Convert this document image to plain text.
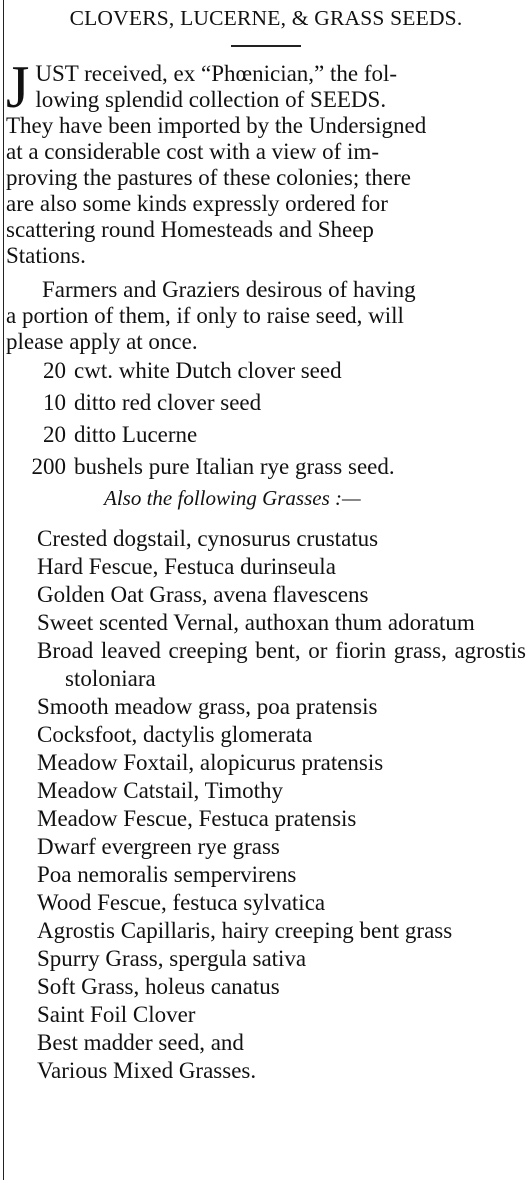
CLOVERS, LUCERNE, & GRASS SEEDS.

J UST received, ex “Phœnician,” the fol-
lowing splendid collection of SEEDS.
They have been imported by the Undersigned
at a considerable cost with a view of im-
proving the pastures of these colonies; there
are also some kinds expressly ordered for
scattering round Homesteads and Sheep
Stations.

Farmers and Graziers desirous of having
a portion of them, if only to raise seed, will
please apply at once.

20 cwt. white Dutch clover seed
10 ditto red clover seed
20 ditto Lucerne
200 bushels pure Italian rye grass seed.
Also the following Grasses :—
Crested dogstail, cynosurus crustatus
Hard Fescue, Festuca durinseula
Golden Oat Grass, avena flavescens
Sweet scented Vernal, authoxan thum adoratum
Broad leaved creeping bent, or fiorin grass, agrostis stoloniara
Smooth meadow grass, poa pratensis
Cocksfoot, dactylis glomerata
Meadow Foxtail, alopicurus pratensis
Meadow Catstail, Timothy
Meadow Fescue, Festuca pratensis
Dwarf evergreen rye grass
Poa nemoralis sempervirens
Wood Fescue, festuca sylvatica
Agrostis Capillaris, hairy creeping bent grass
Spurry Grass, spergula sativa
Soft Grass, holeus canatus
Saint Foil Clover
Best madder seed, and
Various Mixed Grasses.
